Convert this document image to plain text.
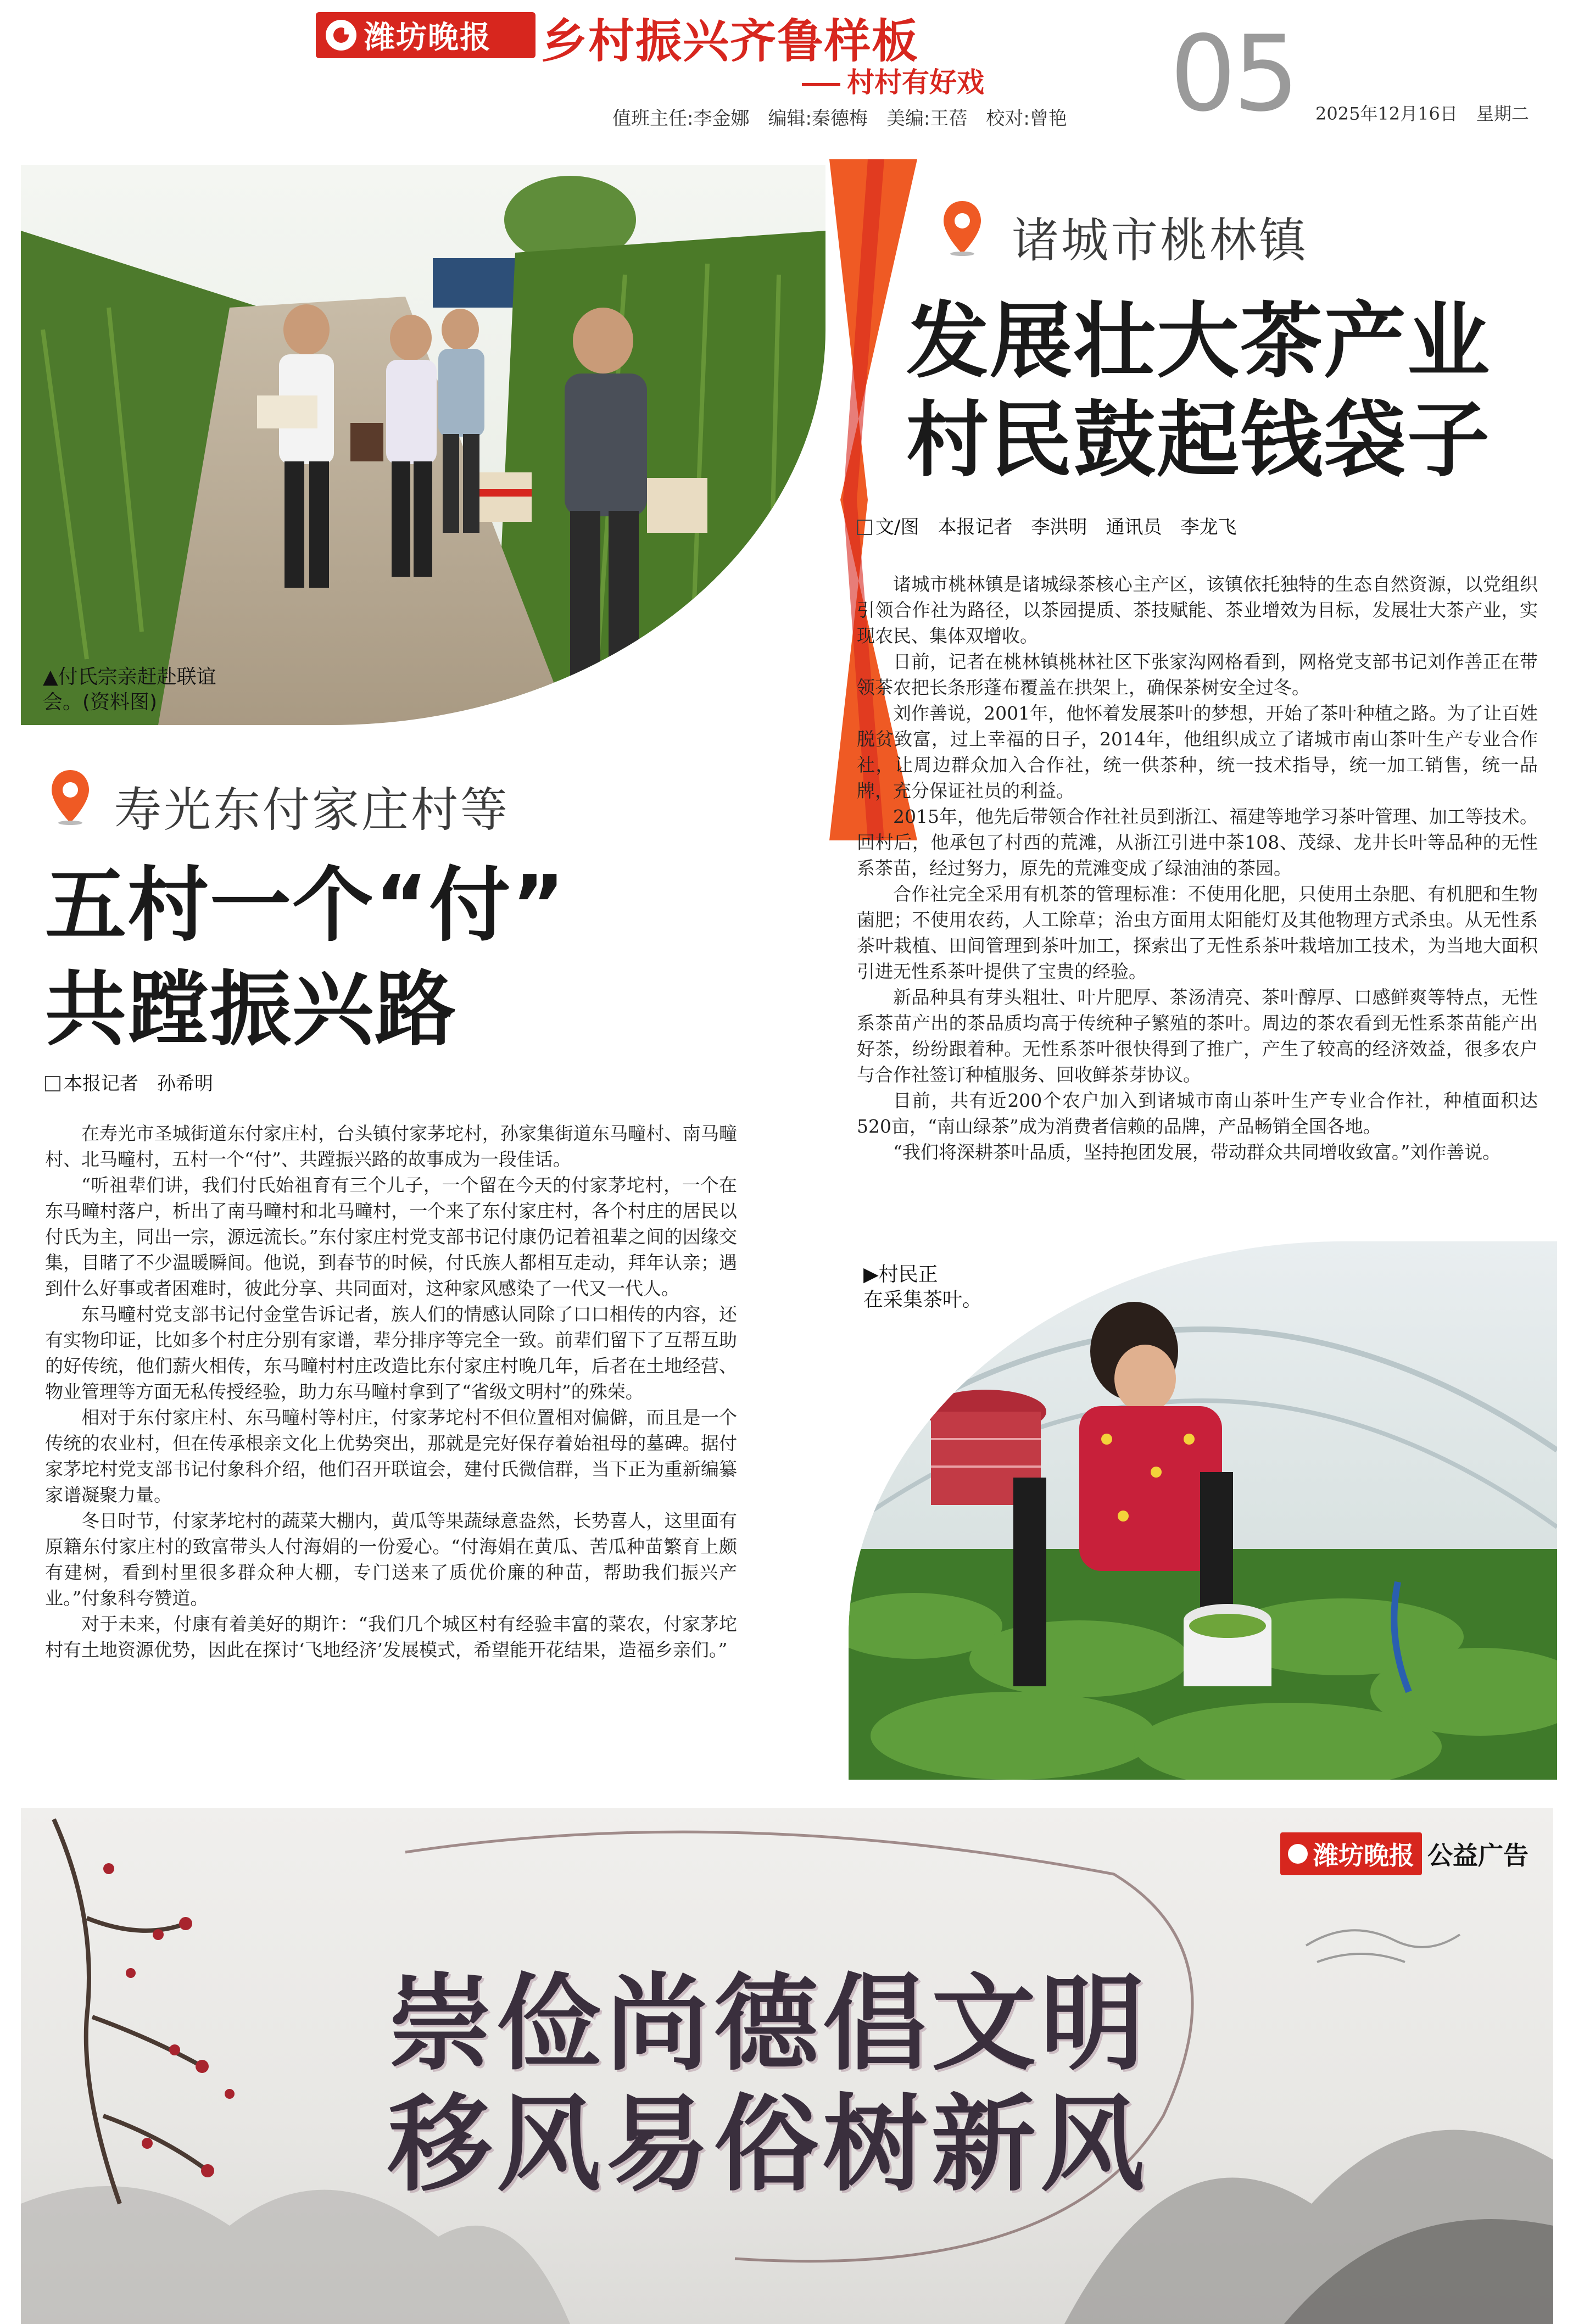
潍坊晚报 乡村振兴齐鲁样板
村村有好戏
值班主任:李金娜 编辑:秦德梅 美编:王蓓 校对:曾艳 05 2025年12月16日 星期二
▲付氏宗亲赶赴联谊会。(资料图)
寿光东付家庄村等
五村一个“付”
共蹚振兴路
本报记者　孙希明

在寿光市圣城街道东付家庄村，台头镇付家茅坨村，孙家集街道东马疃村、南马疃村、北马疃村，五村一个“付”、共蹚振兴路的故事成为一段佳话。

“听祖辈们讲，我们付氏始祖育有三个儿子，一个留在今天的付家茅坨村，一个在东马疃村落户，析出了南马疃村和北马疃村，一个来了东付家庄村，各个村庄的居民以付氏为主，同出一宗，源远流长。”东付家庄村党支部书记付康仍记着祖辈之间的因缘交集，目睹了不少温暖瞬间。他说，到春节的时候，付氏族人都相互走动，拜年认亲；遇到什么好事或者困难时，彼此分享、共同面对，这种家风感染了一代又一代人。

东马疃村党支部书记付金堂告诉记者，族人们的情感认同除了口口相传的内容，还有实物印证，比如多个村庄分别有家谱，辈分排序等完全一致。前辈们留下了互帮互助的好传统，他们薪火相传，东马疃村村庄改造比东付家庄村晚几年，后者在土地经营、物业管理等方面无私传授经验，助力东马疃村拿到了“省级文明村”的殊荣。

相对于东付家庄村、东马疃村等村庄，付家茅坨村不但位置相对偏僻，而且是一个传统的农业村，但在传承根亲文化上优势突出，那就是完好保存着始祖母的墓碑。据付家茅坨村党支部书记付象科介绍，他们召开联谊会，建付氏微信群，当下正为重新编纂家谱凝聚力量。

冬日时节，付家茅坨村的蔬菜大棚内，黄瓜等果蔬绿意盎然，长势喜人，这里面有原籍东付家庄村的致富带头人付海娟的一份爱心。“付海娟在黄瓜、苦瓜种苗繁育上颇有建树，看到村里很多群众种大棚，专门送来了质优价廉的种苗，帮助我们振兴产业。”付象科夸赞道。

对于未来，付康有着美好的期许：“我们几个城区村有经验丰富的菜农，付家茅坨村有土地资源优势，因此在探讨‘飞地经济’发展模式，希望能开花结果，造福乡亲们。”

诸城市桃林镇
发展壮大茶产业
村民鼓起钱袋子
文/图　本报记者　李洪明　通讯员　李龙飞

诸城市桃林镇是诸城绿茶核心主产区，该镇依托独特的生态自然资源，以党组织引领合作社为路径，以茶园提质、茶技赋能、茶业增效为目标，发展壮大茶产业，实现农民、集体双增收。

日前，记者在桃林镇桃林社区下张家沟网格看到，网格党支部书记刘作善正在带领茶农把长条形蓬布覆盖在拱架上，确保茶树安全过冬。

刘作善说，2001年，他怀着发展茶叶的梦想，开始了茶叶种植之路。为了让百姓脱贫致富，过上幸福的日子，2014年，他组织成立了诸城市南山茶叶生产专业合作社，让周边群众加入合作社，统一供茶种，统一技术指导，统一加工销售，统一品牌，充分保证社员的利益。

2015年，他先后带领合作社社员到浙江、福建等地学习茶叶管理、加工等技术。回村后，他承包了村西的荒滩，从浙江引进中茶108、茂绿、龙井长叶等品种的无性系茶苗，经过努力，原先的荒滩变成了绿油油的茶园。

合作社完全采用有机茶的管理标准：不使用化肥，只使用土杂肥、有机肥和生物菌肥；不使用农药，人工除草；治虫方面用太阳能灯及其他物理方式杀虫。从无性系茶叶栽植、田间管理到茶叶加工，探索出了无性系茶叶栽培加工技术，为当地大面积引进无性系茶叶提供了宝贵的经验。

新品种具有芽头粗壮、叶片肥厚、茶汤清亮、茶叶醇厚、口感鲜爽等特点，无性系茶苗产出的茶品质均高于传统种子繁殖的茶叶。周边的茶农看到无性系茶苗能产出好茶，纷纷跟着种。无性系茶叶很快得到了推广，产生了较高的经济效益，很多农户与合作社签订种植服务、回收鲜茶芽协议。

目前，共有近200个农户加入到诸城市南山茶叶生产专业合作社，种植面积达520亩，“南山绿茶”成为消费者信赖的品牌，产品畅销全国各地。

“我们将深耕茶叶品质，坚持抱团发展，带动群众共同增收致富。”刘作善说。

▶村民正
在采集茶叶。
潍坊晚报 公益广告
崇俭尚德倡文明
移风易俗树新风
